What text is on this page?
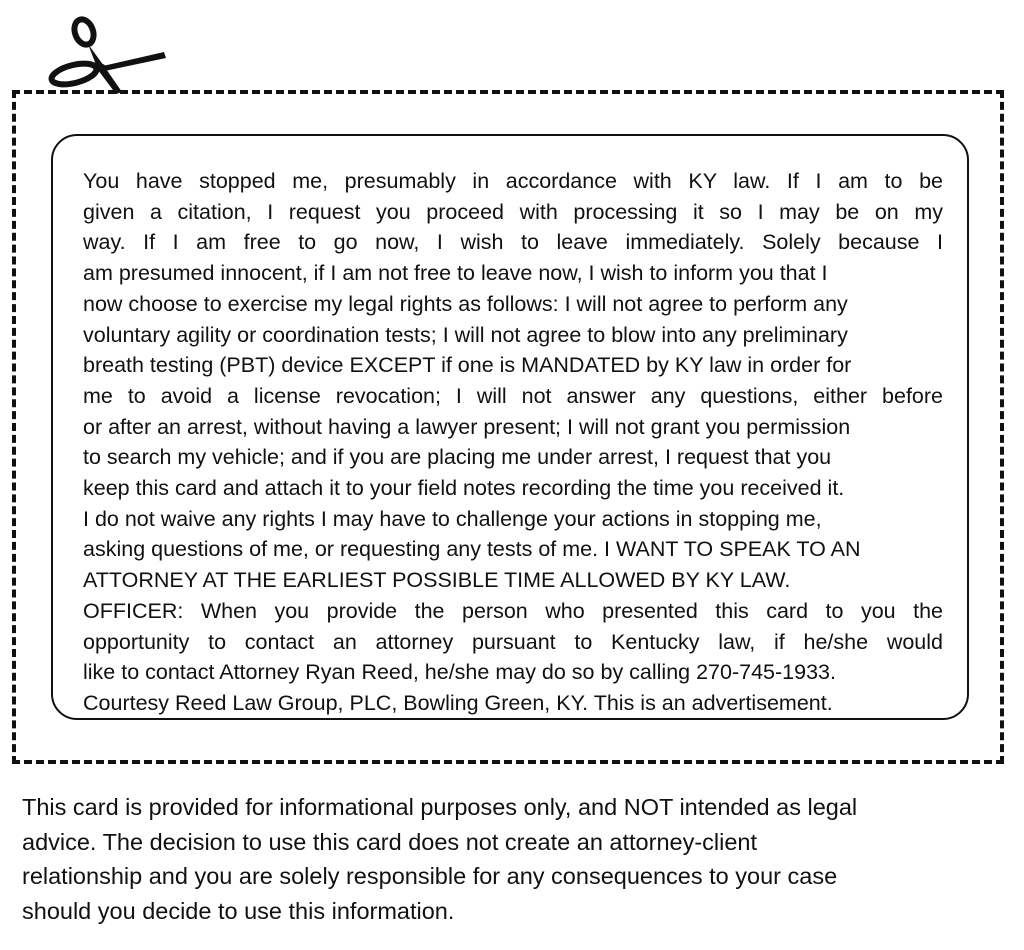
You have stopped me, presumably in accordance with KY law. If I am to be
given a citation, I request you proceed with processing it so I may be on my
way. If I am free to go now, I wish to leave immediately. Solely because I
am presumed innocent, if I am not free to leave now, I wish to inform you that I
now choose to exercise my legal rights as follows: I will not agree to perform any
voluntary agility or coordination tests; I will not agree to blow into any preliminary
breath testing (PBT) device EXCEPT if one is MANDATED by KY law in order for
me to avoid a license revocation; I will not answer any questions, either before
or after an arrest, without having a lawyer present; I will not grant you permission
to search my vehicle; and if you are placing me under arrest, I request that you
keep this card and attach it to your field notes recording the time you received it.
I do not waive any rights I may have to challenge your actions in stopping me,
asking questions of me, or requesting any tests of me. I WANT TO SPEAK TO AN
ATTORNEY AT THE EARLIEST POSSIBLE TIME ALLOWED BY KY LAW.
OFFICER: When you provide the person who presented this card to you the
opportunity to contact an attorney pursuant to Kentucky law, if he/she would
like to contact Attorney Ryan Reed, he/she may do so by calling 270-745-1933.
Courtesy Reed Law Group, PLC, Bowling Green, KY. This is an advertisement.

This card is provided for informational purposes only, and NOT intended as legal
advice. The decision to use this card does not create an attorney-client
relationship and you are solely responsible for any consequences to your case
should you decide to use this information.
